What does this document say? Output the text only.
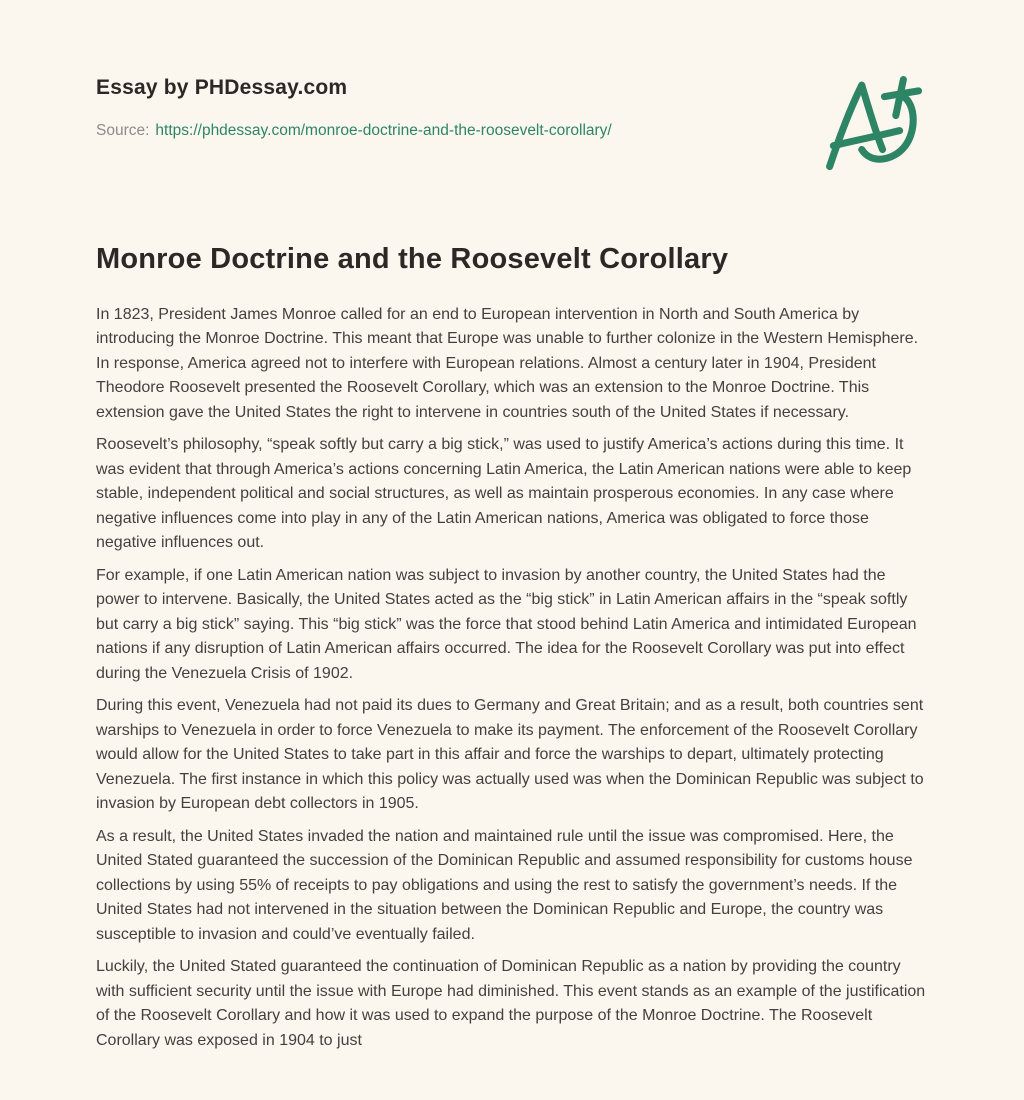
Essay by PHDessay.com
Source: https://phdessay.com/monroe-doctrine-and-the-roosevelt-corollary/
Monroe Doctrine and the Roosevelt Corollary

In 1823, President James Monroe called for an end to European intervention in North and South America by introducing the Monroe Doctrine. This meant that Europe was unable to further colonize in the Western Hemisphere. In response, America agreed not to interfere with European relations. Almost a century later in 1904, President Theodore Roosevelt presented the Roosevelt Corollary, which was an extension to the Monroe Doctrine. This extension gave the United States the right to intervene in countries south of the United States if necessary.

Roosevelt’s philosophy, “speak softly but carry a big stick,” was used to justify America’s actions during this time. It was evident that through America’s actions concerning Latin America, the Latin American nations were able to keep stable, independent political and social structures, as well as maintain prosperous economies. In any case where negative influences come into play in any of the Latin American nations, America was obligated to force those negative influences out.

For example, if one Latin American nation was subject to invasion by another country, the United States had the power to intervene. Basically, the United States acted as the “big stick” in Latin American affairs in the “speak softly but carry a big stick” saying. This “big stick” was the force that stood behind Latin America and intimidated European nations if any disruption of Latin American affairs occurred. The idea for the Roosevelt Corollary was put into effect during the Venezuela Crisis of 1902.

During this event, Venezuela had not paid its dues to Germany and Great Britain; and as a result, both countries sent warships to Venezuela in order to force Venezuela to make its payment. The enforcement of the Roosevelt Corollary would allow for the United States to take part in this affair and force the warships to depart, ultimately protecting Venezuela. The first instance in which this policy was actually used was when the Dominican Republic was subject to invasion by European debt collectors in 1905.

As a result, the United States invaded the nation and maintained rule until the issue was compromised. Here, the United Stated guaranteed the succession of the Dominican Republic and assumed responsibility for customs house collections by using 55% of receipts to pay obligations and using the rest to satisfy the government’s needs. If the United States had not intervened in the situation between the Dominican Republic and Europe, the country was susceptible to invasion and could’ve eventually failed.

Luckily, the United Stated guaranteed the continuation of Dominican Republic as a nation by providing the country with sufficient security until the issue with Europe had diminished. This event stands as an example of the justification of the Roosevelt Corollary and how it was used to expand the purpose of the Monroe Doctrine. The Roosevelt Corollary was exposed in 1904 to just
